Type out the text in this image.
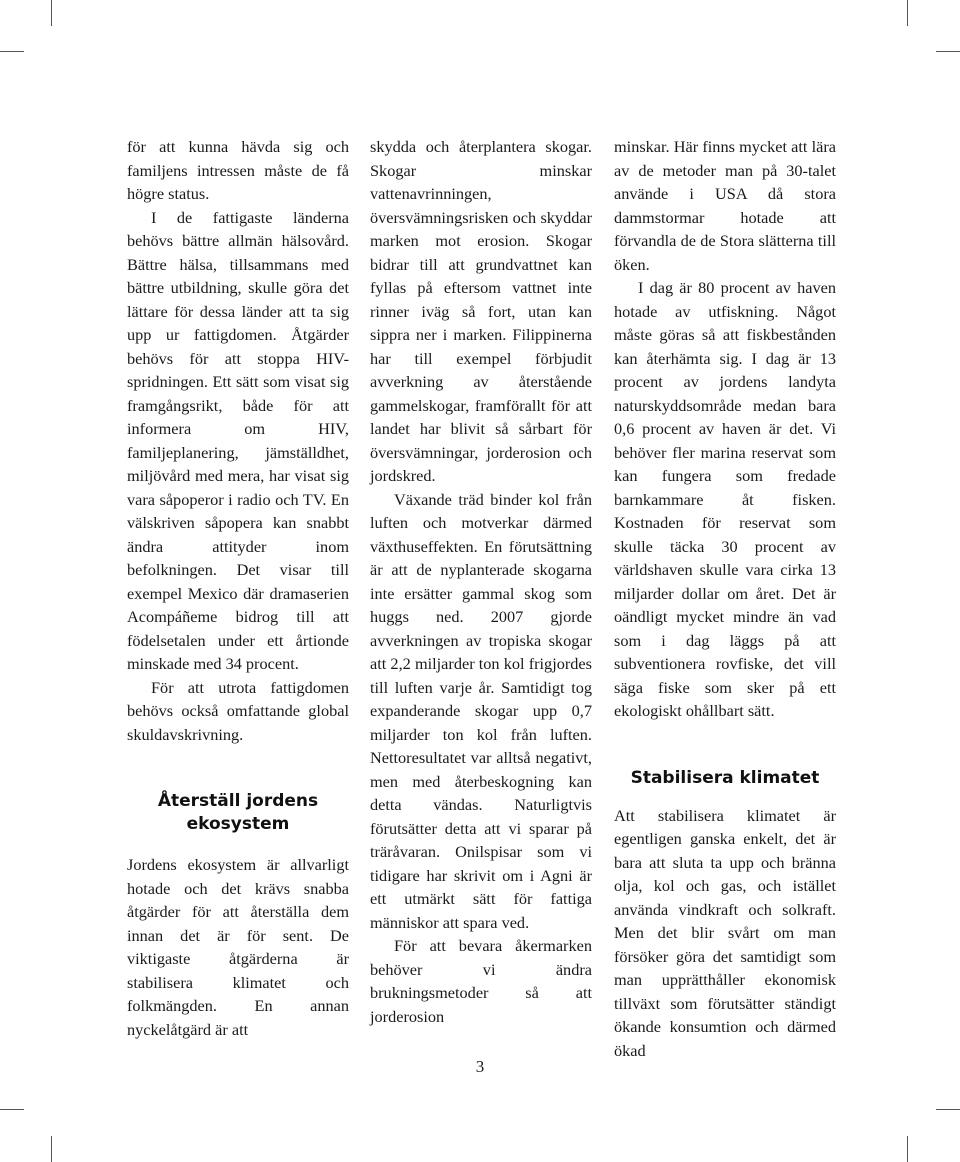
för att kunna hävda sig och familjens intressen måste de få högre status.

I de fattigaste länderna behövs bättre allmän hälsovård. Bättre hälsa, tillsammans med bättre utbildning, skulle göra det lättare för dessa länder att ta sig upp ur fattigdomen. Åtgärder behövs för att stoppa HIV-spridningen. Ett sätt som visat sig framgångsrikt, både för att informera om HIV, familjeplanering, jämställdhet, miljövård med mera, har visat sig vara såpoperor i radio och TV. En välskriven såpopera kan snabbt ändra attityder inom befolkningen. Det visar till exempel Mexico där dramaserien Acompáñeme bidrog till att födelsetalen under ett årtionde minskade med 34 procent.

För att utrota fattigdomen behövs också omfattande global skuldavskrivning.

Återställ jordens ekosystem

Jordens ekosystem är allvarligt hotade och det krävs snabba åtgärder för att återställa dem innan det är för sent. De viktigaste åtgärderna är stabilisera klimatet och folkmängden. En annan nyckelåtgärd är att

skydda och återplantera skogar. Skogar minskar vattenavrinningen, översvämningsrisken och skyddar marken mot erosion. Skogar bidrar till att grundvattnet kan fyllas på eftersom vattnet inte rinner iväg så fort, utan kan sippra ner i marken. Filippinerna har till exempel förbjudit avverkning av återstående gammelskogar, framförallt för att landet har blivit så sårbart för översvämningar, jorderosion och jordskred.

Växande träd binder kol från luften och motverkar därmed växthuseffekten. En förutsättning är att de nyplanterade skogarna inte ersätter gammal skog som huggs ned. 2007 gjorde avverkningen av tropiska skogar att 2,2 miljarder ton kol frigjordes till luften varje år. Samtidigt tog expanderande skogar upp 0,7 miljarder ton kol från luften. Nettoresultatet var alltså negativt, men med återbeskogning kan detta vändas. Naturligtvis förutsätter detta att vi sparar på träråvaran. Onilspisar som vi tidigare har skrivit om i Agni är ett utmärkt sätt för fattiga människor att spara ved.

För att bevara åkermarken behöver vi ändra brukningsmetoder så att jorderosion

minskar. Här finns mycket att lära av de metoder man på 30-talet använde i USA då stora dammstormar hotade att förvandla de de Stora slätterna till öken.

I dag är 80 procent av haven hotade av utfiskning. Något måste göras så att fiskbestånden kan återhämta sig. I dag är 13 procent av jordens landyta naturskyddsområde medan bara 0,6 procent av haven är det. Vi behöver fler marina reservat som kan fungera som fredade barnkammare åt fisken. Kostnaden för reservat som skulle täcka 30 procent av världshaven skulle vara cirka 13 miljarder dollar om året. Det är oändligt mycket mindre än vad som i dag läggs på att subventionera rovfiske, det vill säga fiske som sker på ett ekologiskt ohållbart sätt.

Stabilisera klimatet

Att stabilisera klimatet är egentligen ganska enkelt, det är bara att sluta ta upp och bränna olja, kol och gas, och istället använda vindkraft och solkraft. Men det blir svårt om man försöker göra det samtidigt som man upprätthåller ekonomisk tillväxt som förutsätter ständigt ökande konsumtion och därmed ökad

3
